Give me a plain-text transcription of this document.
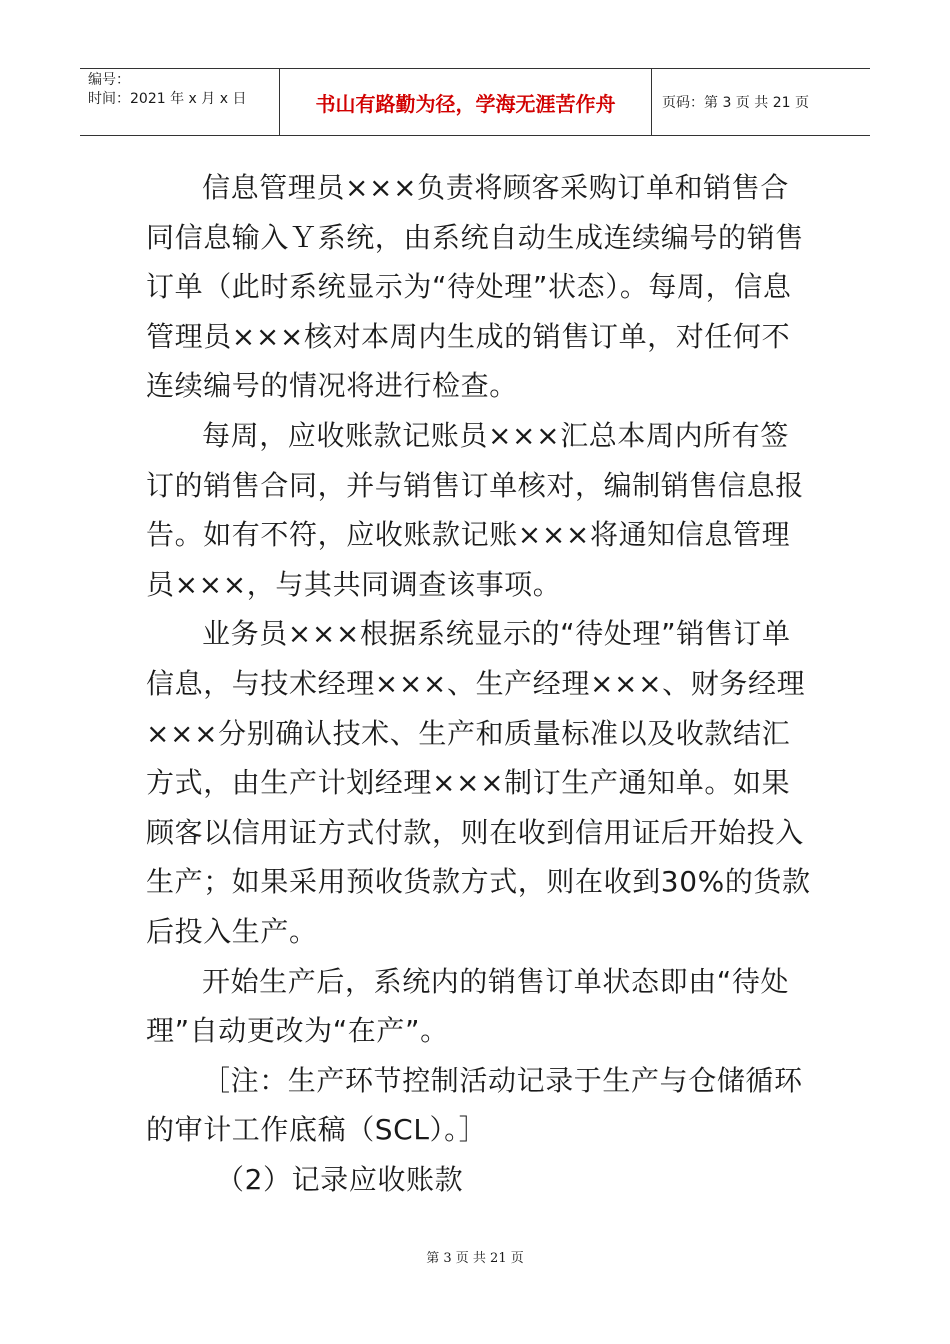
编号：
时间：2021 年 x 月 x 日	书山有路勤为径，学海无涯苦作舟	页码：第 3 页 共 21 页

信息管理员×××负责将顾客采购订单和销售合同信息输入Ｙ系统，由系统自动生成连续编号的销售订单（此时系统显示为“待处理”状态）。每周，信息管理员×××核对本周内生成的销售订单，对任何不连续编号的情况将进行检查。

每周，应收账款记账员×××汇总本周内所有签订的销售合同，并与销售订单核对，编制销售信息报告。如有不符，应收账款记账×××将通知信息管理员×××，与其共同调查该事项。

业务员×××根据系统显示的“待处理”销售订单信息，与技术经理×××、生产经理×××、财务经理×××分别确认技术、生产和质量标准以及收款结汇方式，由生产计划经理×××制订生产通知单。如果顾客以信用证方式付款，则在收到信用证后开始投入生产；如果采用预收货款方式，则在收到30%的货款后投入生产。

开始生产后，系统内的销售订单状态即由“待处理”自动更改为“在产”。

［注：生产环节控制活动记录于生产与仓储循环的审计工作底稿（SCL）。］

（2）记录应收账款

第 3 页 共 21 页
